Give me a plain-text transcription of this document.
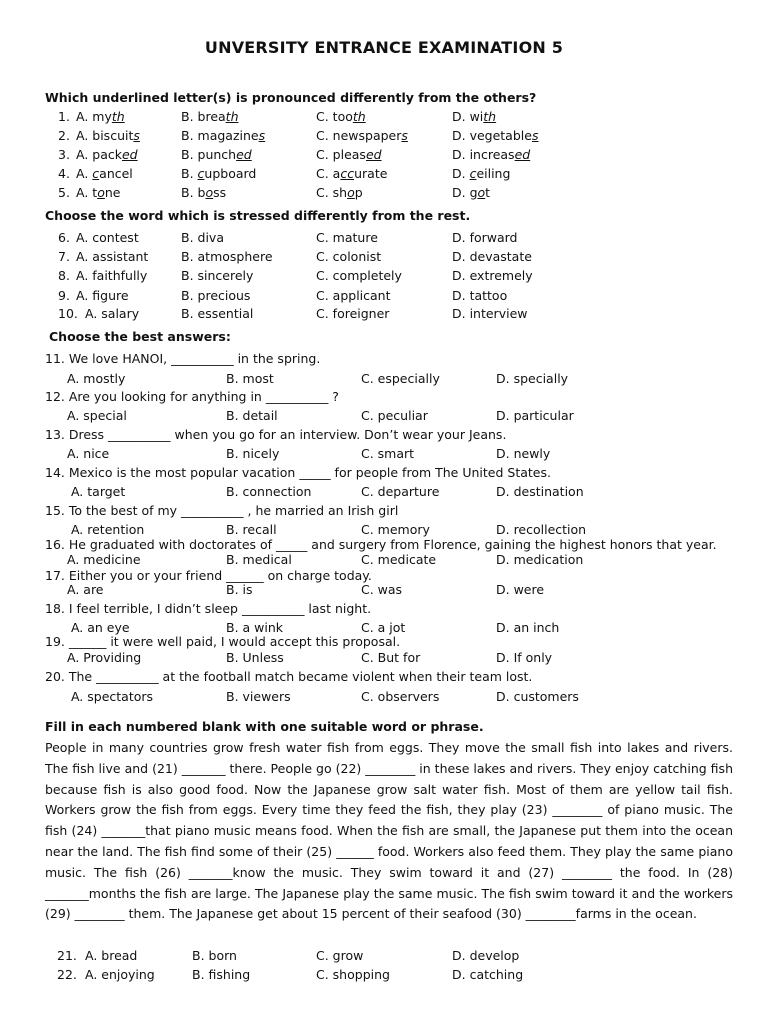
UNVERSITY ENTRANCE EXAMINATION 5
Which underlined letter(s) is pronounced differently from the others?
1. A. myth	B. breath	C. tooth	D. with
2. A. biscuits	B. magazines	C. newspapers	D. vegetables
3. A. packed	B. punched	C. pleased	D. increased
4. A. cancel	B. cupboard	C. accurate	D. ceiling
5. A. tone	B. boss	C. shop	D. got
Choose the word which is stressed differently from the rest.
6. A. contest	B. diva	C. mature	D. forward
7. A. assistant	B. atmosphere	C. colonist	D. devastate
8. A. faithfully	B. sincerely	C. completely	D. extremely
9. A. figure	B. precious	C. applicant	D. tattoo
10. A. salary	B. essential	C. foreigner	D. interview
Choose the best answers:
11. We love HANOI, __________ in the spring.
A. mostly	B. most	C. especially	D. specially
12. Are you looking for anything in __________ ?
A. special	B. detail	C. peculiar	D. particular
13. Dress __________ when you go for an interview. Don’t wear your Jeans.
A. nice	B. nicely	C. smart	D. newly
14. Mexico is the most popular vacation _____ for people from The United States.
A. target	B. connection	C. departure	D. destination
15. To the best of my __________ , he married an Irish girl
A. retention	B. recall	C. memory	D. recollection
16. He graduated with doctorates of _____ and surgery from Florence, gaining the highest honors that year.
A. medicine	B. medical	C. medicate	D. medication
17. Either you or your friend ______ on charge today.
A. are	B. is	C. was	D. were
18. I feel terrible, I didn’t sleep __________ last night.
A. an eye	B. a wink	C. a jot	D. an inch
19. ______ it were well paid, I would accept this proposal.
A. Providing	B. Unless	C. But for	D. If only
20. The __________ at the football match became violent when their team lost.
A. spectators	B. viewers	C. observers	D. customers
Fill in each numbered blank with one suitable word or phrase.
People in many countries grow fresh water fish from eggs. They move the small fish into lakes and rivers. The fish live and (21) _______ there. People go (22) ________ in these lakes and rivers. They enjoy catching fish because fish is also good food. Now the Japanese grow salt water fish. Most of them are yellow tail fish. Workers grow the fish from eggs. Every time they feed the fish, they play (23) ________ of piano music. The fish (24) _______that piano music means food. When the fish are small, the Japanese put them into the ocean near the land. The fish find some of their (25) ______ food. Workers also feed them. They play the same piano music. The fish (26) _______know the music. They swim toward it and (27) ________ the food. In (28) _______months the fish are large. The Japanese play the same music. The fish swim toward it and the workers (29) ________ them. The Japanese get about 15 percent of their seafood (30) ________farms in the ocean.
21. A. bread	B. born	C. grow	D. develop
22. A. enjoying	B. fishing	C. shopping	D. catching
